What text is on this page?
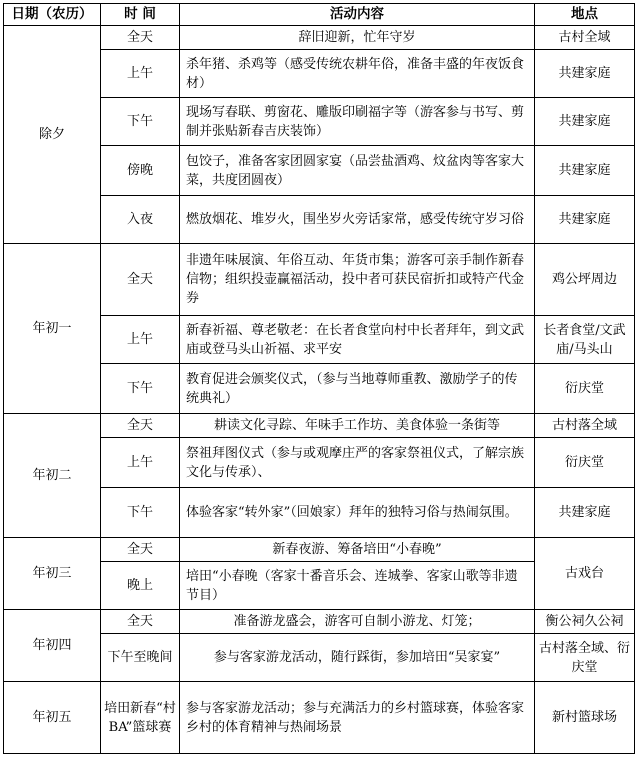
日期（农历）	时 间	活动内容	地点
除夕	全天	辞旧迎新，忙年守岁	古村全域
	上午	杀年猪、杀鸡等（感受传统农耕年俗，准备丰盛的年夜饭食材）	共建家庭
	下午	现场写春联、剪窗花、雕版印刷福字等（游客参与书写、剪制并张贴新春吉庆装饰）	共建家庭
	傍晚	包饺子，准备客家团圆家宴（品尝盐酒鸡、炆盆肉等客家大菜，共度团圆夜）	共建家庭
	入夜	燃放烟花、堆岁火，围坐岁火旁话家常，感受传统守岁习俗	共建家庭
年初一	全天	非遗年味展演、年俗互动、年货市集；游客可亲手制作新春信物；组织投壶赢福活动，投中者可获民宿折扣或特产代金券	鸡公坪周边
	上午	新春祈福、尊老敬老：在长者食堂向村中长者拜年，到文武庙或登马头山祈福、求平安	长者食堂/文武庙/马头山
	下午	教育促进会颁奖仪式，（参与当地尊师重教、激励学子的传统典礼）	衍庆堂
年初二	全天	耕读文化寻踪、年味手工作坊、美食体验一条街等	古村落全域
	上午	祭祖拜图仪式（参与或观摩庄严的客家祭祖仪式，了解宗族文化与传承）、	衍庆堂
	下午	体验客家“转外家”（回娘家）拜年的独特习俗与热闹氛围。	共建家庭
年初三	全天	新春夜游、筹备培田“小春晚”	古戏台
	晚上	培田“小春晚（客家十番音乐会、连城拳、客家山歌等非遗节目）	
年初四	全天	准备游龙盛会，游客可自制小游龙、灯笼；	衡公祠久公祠
	下午至晚间	参与客家游龙活动，随行踩街，参加培田“吴家宴”	古村落全域、衍庆堂
年初五	培田新春“村 BA”篮球赛	参与客家游龙活动；参与充满活力的乡村篮球赛，体验客家乡村的体育精神与热闹场景	新村篮球场
